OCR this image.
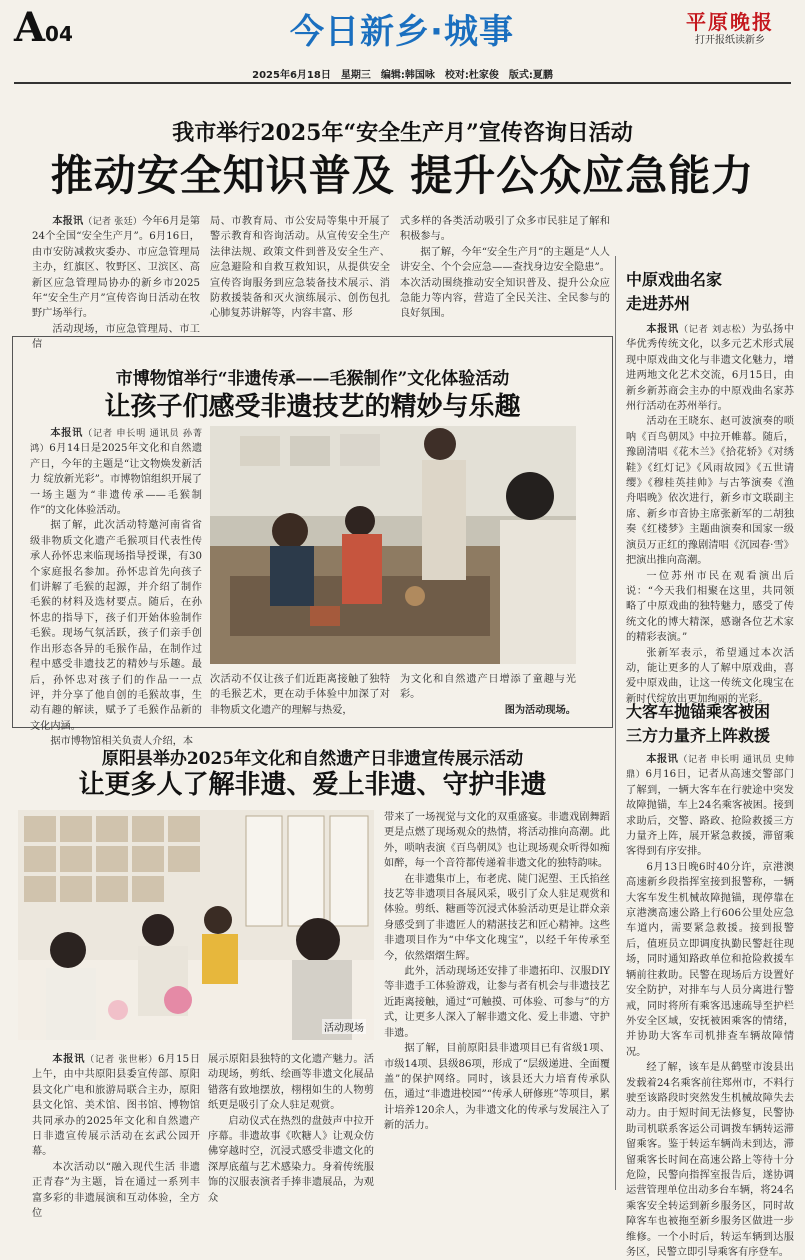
A04	今日新乡·城事	平原晚报
打开报纸读新乡
2025年6月18日　星期三　编辑:韩国咏　校对:杜家俊　版式:夏鹏
我市举行2025年“安全生产月”宣传咨询日活动
推动安全知识普及 提升公众应急能力

本报讯（记者 张廷）今年6月是第24个全国“安全生产月”。6月16日，由市安防减救灾委办、市应急管理局主办，红旗区、牧野区、卫滨区、高新区应急管理局协办的新乡市2025年“安全生产月”宣传咨询日活动在牧野广场举行。

活动现场，市应急管理局、市工信

局、市教育局、市公安局等集中开展了警示教育和咨询活动。从宣传安全生产法律法规、政策文件到普及安全生产、应急避险和自救互救知识，从提供安全宣传咨询服务到应急装备技术展示、消防救援装备和灭火演练展示、创伤包扎心肺复苏讲解等，内容丰富、形

式多样的各类活动吸引了众多市民驻足了解和积极参与。

据了解，今年“安全生产月”的主题是“人人讲安全、个个会应急——查找身边安全隐患”。本次活动围绕推动安全知识普及、提升公众应急能力等内容，营造了全民关注、全民参与的良好氛围。

市博物馆举行“非遗传承——毛猴制作”文化体验活动
让孩子们感受非遗技艺的精妙与乐趣

本报讯（记者 申长明 通讯员 孙菁鸿）6月14日是2025年文化和自然遗产日，今年的主题是“让文物焕发新活力 绽放新光彩”。市博物馆组织开展了一场主题为“非遗传承——毛猴制作”的文化体验活动。

据了解，此次活动特邀河南省省级非物质文化遗产毛猴项目代表性传承人孙怀忠来临现场指导授课，有30个家庭报名参加。孙怀忠首先向孩子们讲解了毛猴的起源，并介绍了制作毛猴的材料及选材要点。随后，在孙怀忠的指导下，孩子们开始体验制作毛猴。现场气氛活跃，孩子们亲手创作出形态各异的毛猴作品，在制作过程中感受非遗技艺的精妙与乐趣。最后，孙怀忠对孩子们的作品一一点评，并分享了他自创的毛猴故事，生动有趣的解读，赋予了毛猴作品新的文化内涵。

据市博物馆相关负责人介绍，本

次活动不仅让孩子们近距离接触了独特的毛猴艺术，更在动手体验中加深了对非物质文化遗产的理解与热爱，

为文化和自然遗产日增添了童趣与光彩。

图为活动现场。

原阳县举办2025年文化和自然遗产日非遗宣传展示活动
让更多人了解非遗、爱上非遗、守护非遗
活动现场

带来了一场视觉与文化的双重盛宴。非遗戏剧舞蹈更是点燃了现场观众的热情，将活动推向高潮。此外，唢呐表演《百鸟朝凤》也让现场观众听得如痴如醉，每一个音符都传递着非遗文化的独特韵味。

在非遗集市上，布老虎、陡门泥塑、王氏掐丝技艺等非遗项目各展风采，吸引了众人驻足观赏和体验。剪纸、糖画等沉浸式体验活动更是让群众亲身感受到了非遗匠人的精湛技艺和匠心精神。这些非遗项目作为“中华文化瑰宝”，以经千年传承至今，依然熠熠生辉。

此外，活动现场还安排了非遗拓印、汉服DIY等非遗手工体验游戏，让参与者有机会与非遗技艺近距离接触，通过“可触摸、可体验、可参与”的方式，让更多人深入了解非遗文化、爱上非遗、守护非遗。

据了解，目前原阳县非遗项目已有省级1项、市级14项、县级86项，形成了“层级递进、全面覆盖”的保护网络。同时，该县还大力培育传承队伍，通过“非遗进校园”“传承人研修班”等项目，累计培养120余人，为非遗文化的传承与发展注入了新的活力。

本报讯（记者 张世彬）6月15日上午，由中共原阳县委宣传部、原阳县文化广电和旅游局联合主办，原阳县文化馆、美术馆、图书馆、博物馆共同承办的2025年文化和自然遗产日非遗宣传展示活动在玄武公园开幕。

本次活动以“融入现代生活 非遗正青春”为主题，旨在通过一系列丰富多彩的非遗展演和互动体验，全方位

展示原阳县独特的文化遗产魅力。活动现场，剪纸、绘画等非遗文化展品错落有致地摆放，栩栩如生的人物剪纸更是吸引了众人驻足观赏。

启动仪式在热烈的盘鼓声中拉开序幕。非遗故事《吹糖人》让观众仿佛穿越时空，沉浸式感受非遗文化的深厚底蕴与艺术感染力。身着传统服饰的汉服表演者手捧非遗展品，为观众

中原戏曲名家
走进苏州

本报讯（记者 刘志松）为弘扬中华优秀传统文化，以多元艺术形式展现中原戏曲文化与非遗文化魅力，增进两地文化艺术交流，6月15日，由新乡新苏商会主办的中原戏曲名家苏州行活动在苏州举行。

活动在王晓东、赵可波演奏的唢呐《百鸟朝凤》中拉开帷幕。随后，豫剧清唱《花木兰》《拾花轿》《对绣鞋》《红灯记》《风雨故园》《五世请缨》《穆桂英挂帅》与古筝演奏《渔舟唱晚》依次进行，新乡市文联副主席、新乡市音协主席张新军的二胡独奏《红楼梦》主题曲演奏和国家一级演员万正红的豫剧清唱《沉园春·雪》把演出推向高潮。

一位苏州市民在观看演出后说：“今天我们相聚在这里，共同领略了中原戏曲的独特魅力，感受了传统文化的博大精深，感谢各位艺术家的精彩表演。”

张新军表示，希望通过本次活动，能让更多的人了解中原戏曲，喜爱中原戏曲，让这一传统文化瑰宝在新时代绽放出更加绚丽的光彩。

大客车抛锚乘客被困
三方力量齐上阵救援

本报讯（记者 申长明 通讯员 史帅鼎）6月16日，记者从高速交警部门了解到，一辆大客车在行驶途中突发故障抛锚，车上24名乘客被困。接到求助后，交警、路政、抢险救援三方力量齐上阵，展开紧急救援，滞留乘客得到有序安排。

6月13日晚6时40分许，京港澳高速新乡段指挥室接到报警称，一辆大客车发生机械故障抛锚，现停靠在京港澳高速公路上行606公里处应急车道内，需要紧急救援。接到报警后，值班员立即调度执勤民警赶往现场，同时通知路政单位和抢险救援车辆前往救助。民警在现场后方设置好安全防护，对排车与人员分离进行警戒，同时将所有乘客迅速疏导至护栏外安全区域，安抚被困乘客的情绪，并协助大客车司机排查车辆故障情况。

经了解，该车是从鹤壁市浚县出发载着24名乘客前往郑州市，不料行驶至该路段时突然发生机械故障失去动力。由于短时间无法修复，民警协助司机联系客运公司调拨车辆转运滞留乘客。鉴于转运车辆尚未到达，滞留乘客长时间在高速公路上等待十分危险，民警向指挥室报告后，遂协调运营管理单位出动多台车辆，将24名乘客安全转运到新乡服务区，同时故障客车也被拖至新乡服务区做进一步维修。一个小时后，转运车辆到达服务区，民警立即引导乘客有序登车。
